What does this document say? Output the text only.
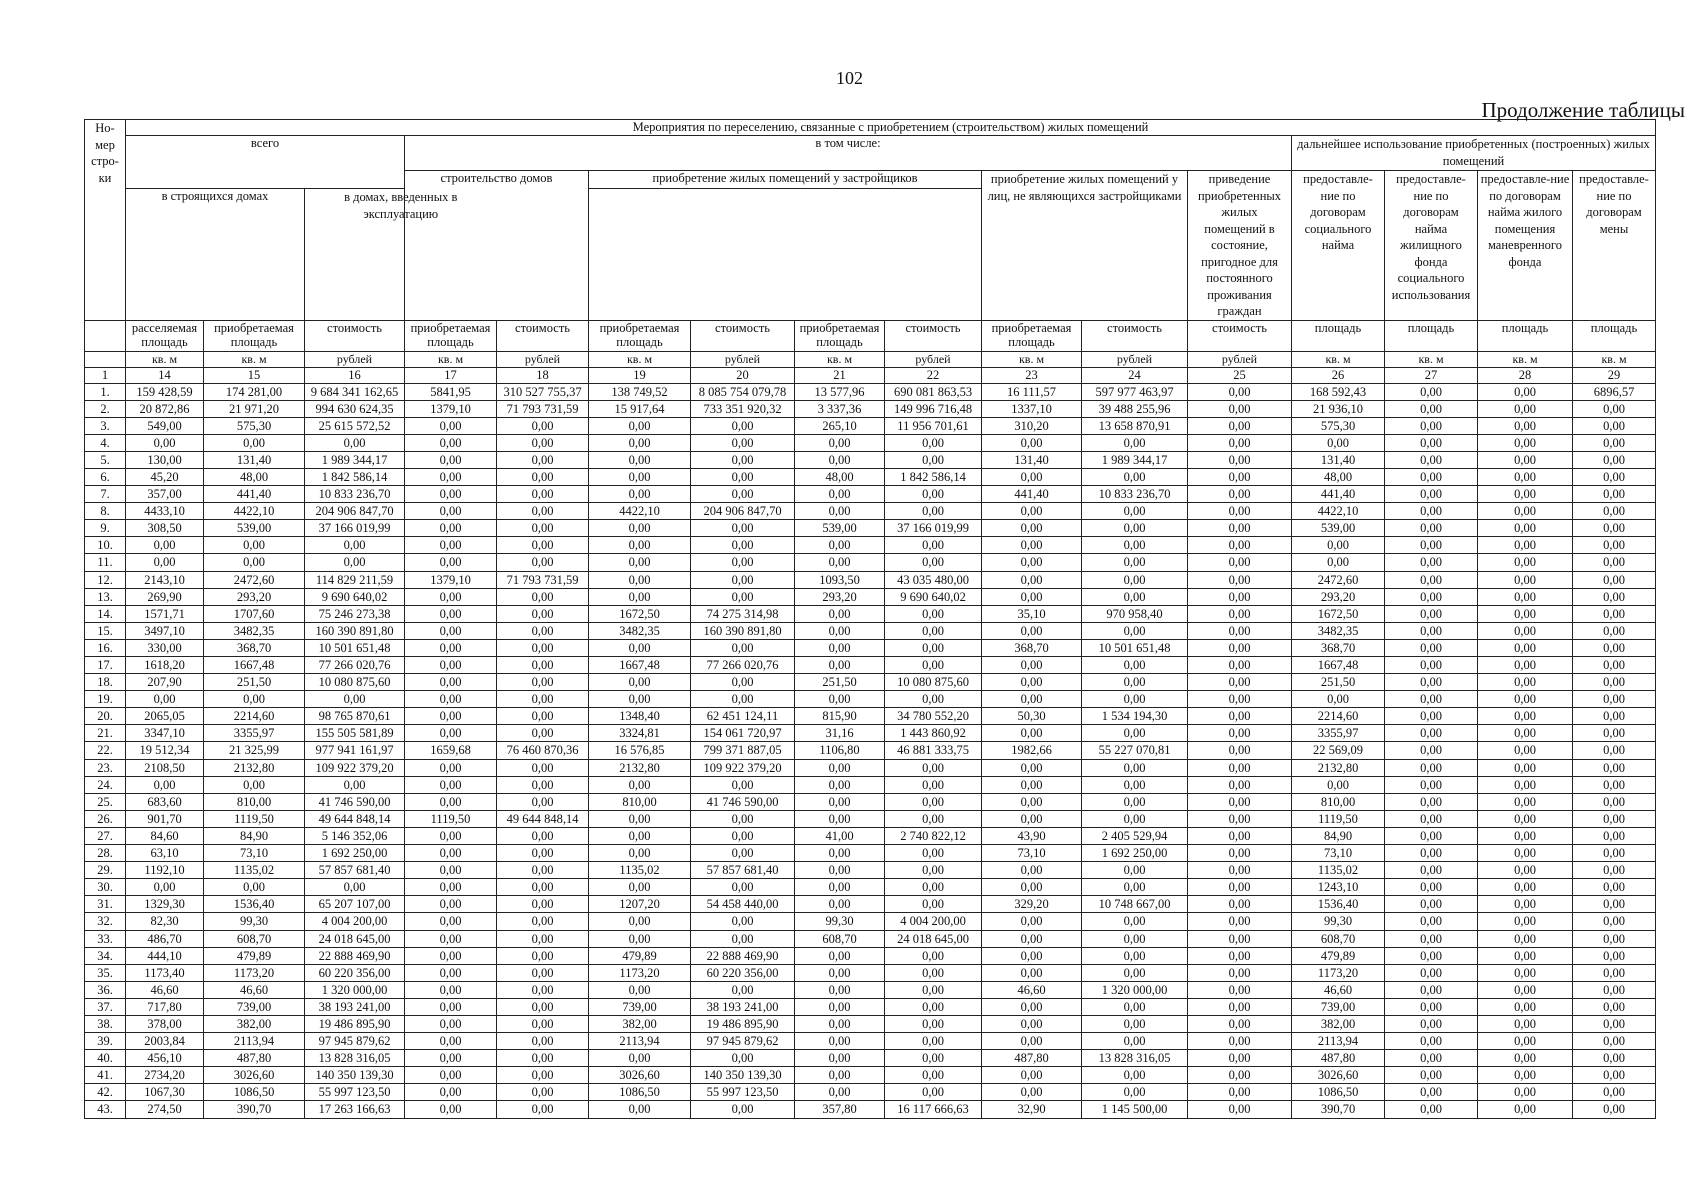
102
Продолжение таблицы
Но-
мер
стро-
ки	Мероприятия по переселению, связанные с приобретением (строительством) жилых помещений															
	всего			в том числе:									дальнейшее использование приобретенных (построенных) жилых помещений			
				строительство домов		приобретение жилых помещений у застройщиков				приобретение жилых помещений у лиц, не являющихся застройщиками		приведение приобретенных жилых помещений в состояние, пригодное для постоянного проживания граждан	предоставле-ние по договорам социального найма	предоставле-ние по договорам найма жилищного фонда социального использования	предоставле-ние по договорам найма жилого помещения маневренного фонда	предоставле-ние по договорам мены
	в строящихся домах		в домах, введенных в эксплуатацию													
	расселяемая площадь	приобретаемая площадь	стоимость	приобретаемая площадь	стоимость	приобретаемая площадь	стоимость	приобретаемая площадь	стоимость	приобретаемая площадь	стоимость	стоимость	площадь	площадь	площадь	площадь
	кв. м	кв. м	рублей	кв. м	рублей	кв. м	рублей	кв. м	рублей	кв. м	рублей	рублей	кв. м	кв. м	кв. м	кв. м
1	14	15	16	17	18	19	20	21	22	23	24	25	26	27	28	29
1.	159 428,59	174 281,00	9 684 341 162,65	5841,95	310 527 755,37	138 749,52	8 085 754 079,78	13 577,96	690 081 863,53	16 111,57	597 977 463,97	0,00	168 592,43	0,00	0,00	6896,57
2.	20 872,86	21 971,20	994 630 624,35	1379,10	71 793 731,59	15 917,64	733 351 920,32	3 337,36	149 996 716,48	1337,10	39 488 255,96	0,00	21 936,10	0,00	0,00	0,00
3.	549,00	575,30	25 615 572,52	0,00	0,00	0,00	0,00	265,10	11 956 701,61	310,20	13 658 870,91	0,00	575,30	0,00	0,00	0,00
4.	0,00	0,00	0,00	0,00	0,00	0,00	0,00	0,00	0,00	0,00	0,00	0,00	0,00	0,00	0,00	0,00
5.	130,00	131,40	1 989 344,17	0,00	0,00	0,00	0,00	0,00	0,00	131,40	1 989 344,17	0,00	131,40	0,00	0,00	0,00
6.	45,20	48,00	1 842 586,14	0,00	0,00	0,00	0,00	48,00	1 842 586,14	0,00	0,00	0,00	48,00	0,00	0,00	0,00
7.	357,00	441,40	10 833 236,70	0,00	0,00	0,00	0,00	0,00	0,00	441,40	10 833 236,70	0,00	441,40	0,00	0,00	0,00
8.	4433,10	4422,10	204 906 847,70	0,00	0,00	4422,10	204 906 847,70	0,00	0,00	0,00	0,00	0,00	4422,10	0,00	0,00	0,00
9.	308,50	539,00	37 166 019,99	0,00	0,00	0,00	0,00	539,00	37 166 019,99	0,00	0,00	0,00	539,00	0,00	0,00	0,00
10.	0,00	0,00	0,00	0,00	0,00	0,00	0,00	0,00	0,00	0,00	0,00	0,00	0,00	0,00	0,00	0,00
11.	0,00	0,00	0,00	0,00	0,00	0,00	0,00	0,00	0,00	0,00	0,00	0,00	0,00	0,00	0,00	0,00
12.	2143,10	2472,60	114 829 211,59	1379,10	71 793 731,59	0,00	0,00	1093,50	43 035 480,00	0,00	0,00	0,00	2472,60	0,00	0,00	0,00
13.	269,90	293,20	9 690 640,02	0,00	0,00	0,00	0,00	293,20	9 690 640,02	0,00	0,00	0,00	293,20	0,00	0,00	0,00
14.	1571,71	1707,60	75 246 273,38	0,00	0,00	1672,50	74 275 314,98	0,00	0,00	35,10	970 958,40	0,00	1672,50	0,00	0,00	0,00
15.	3497,10	3482,35	160 390 891,80	0,00	0,00	3482,35	160 390 891,80	0,00	0,00	0,00	0,00	0,00	3482,35	0,00	0,00	0,00
16.	330,00	368,70	10 501 651,48	0,00	0,00	0,00	0,00	0,00	0,00	368,70	10 501 651,48	0,00	368,70	0,00	0,00	0,00
17.	1618,20	1667,48	77 266 020,76	0,00	0,00	1667,48	77 266 020,76	0,00	0,00	0,00	0,00	0,00	1667,48	0,00	0,00	0,00
18.	207,90	251,50	10 080 875,60	0,00	0,00	0,00	0,00	251,50	10 080 875,60	0,00	0,00	0,00	251,50	0,00	0,00	0,00
19.	0,00	0,00	0,00	0,00	0,00	0,00	0,00	0,00	0,00	0,00	0,00	0,00	0,00	0,00	0,00	0,00
20.	2065,05	2214,60	98 765 870,61	0,00	0,00	1348,40	62 451 124,11	815,90	34 780 552,20	50,30	1 534 194,30	0,00	2214,60	0,00	0,00	0,00
21.	3347,10	3355,97	155 505 581,89	0,00	0,00	3324,81	154 061 720,97	31,16	1 443 860,92	0,00	0,00	0,00	3355,97	0,00	0,00	0,00
22.	19 512,34	21 325,99	977 941 161,97	1659,68	76 460 870,36	16 576,85	799 371 887,05	1106,80	46 881 333,75	1982,66	55 227 070,81	0,00	22 569,09	0,00	0,00	0,00
23.	2108,50	2132,80	109 922 379,20	0,00	0,00	2132,80	109 922 379,20	0,00	0,00	0,00	0,00	0,00	2132,80	0,00	0,00	0,00
24.	0,00	0,00	0,00	0,00	0,00	0,00	0,00	0,00	0,00	0,00	0,00	0,00	0,00	0,00	0,00	0,00
25.	683,60	810,00	41 746 590,00	0,00	0,00	810,00	41 746 590,00	0,00	0,00	0,00	0,00	0,00	810,00	0,00	0,00	0,00
26.	901,70	1119,50	49 644 848,14	1119,50	49 644 848,14	0,00	0,00	0,00	0,00	0,00	0,00	0,00	1119,50	0,00	0,00	0,00
27.	84,60	84,90	5 146 352,06	0,00	0,00	0,00	0,00	41,00	2 740 822,12	43,90	2 405 529,94	0,00	84,90	0,00	0,00	0,00
28.	63,10	73,10	1 692 250,00	0,00	0,00	0,00	0,00	0,00	0,00	73,10	1 692 250,00	0,00	73,10	0,00	0,00	0,00
29.	1192,10	1135,02	57 857 681,40	0,00	0,00	1135,02	57 857 681,40	0,00	0,00	0,00	0,00	0,00	1135,02	0,00	0,00	0,00
30.	0,00	0,00	0,00	0,00	0,00	0,00	0,00	0,00	0,00	0,00	0,00	0,00	1243,10	0,00	0,00	0,00
31.	1329,30	1536,40	65 207 107,00	0,00	0,00	1207,20	54 458 440,00	0,00	0,00	329,20	10 748 667,00	0,00	1536,40	0,00	0,00	0,00
32.	82,30	99,30	4 004 200,00	0,00	0,00	0,00	0,00	99,30	4 004 200,00	0,00	0,00	0,00	99,30	0,00	0,00	0,00
33.	486,70	608,70	24 018 645,00	0,00	0,00	0,00	0,00	608,70	24 018 645,00	0,00	0,00	0,00	608,70	0,00	0,00	0,00
34.	444,10	479,89	22 888 469,90	0,00	0,00	479,89	22 888 469,90	0,00	0,00	0,00	0,00	0,00	479,89	0,00	0,00	0,00
35.	1173,40	1173,20	60 220 356,00	0,00	0,00	1173,20	60 220 356,00	0,00	0,00	0,00	0,00	0,00	1173,20	0,00	0,00	0,00
36.	46,60	46,60	1 320 000,00	0,00	0,00	0,00	0,00	0,00	0,00	46,60	1 320 000,00	0,00	46,60	0,00	0,00	0,00
37.	717,80	739,00	38 193 241,00	0,00	0,00	739,00	38 193 241,00	0,00	0,00	0,00	0,00	0,00	739,00	0,00	0,00	0,00
38.	378,00	382,00	19 486 895,90	0,00	0,00	382,00	19 486 895,90	0,00	0,00	0,00	0,00	0,00	382,00	0,00	0,00	0,00
39.	2003,84	2113,94	97 945 879,62	0,00	0,00	2113,94	97 945 879,62	0,00	0,00	0,00	0,00	0,00	2113,94	0,00	0,00	0,00
40.	456,10	487,80	13 828 316,05	0,00	0,00	0,00	0,00	0,00	0,00	487,80	13 828 316,05	0,00	487,80	0,00	0,00	0,00
41.	2734,20	3026,60	140 350 139,30	0,00	0,00	3026,60	140 350 139,30	0,00	0,00	0,00	0,00	0,00	3026,60	0,00	0,00	0,00
42.	1067,30	1086,50	55 997 123,50	0,00	0,00	1086,50	55 997 123,50	0,00	0,00	0,00	0,00	0,00	1086,50	0,00	0,00	0,00
43.	274,50	390,70	17 263 166,63	0,00	0,00	0,00	0,00	357,80	16 117 666,63	32,90	1 145 500,00	0,00	390,70	0,00	0,00	0,00
